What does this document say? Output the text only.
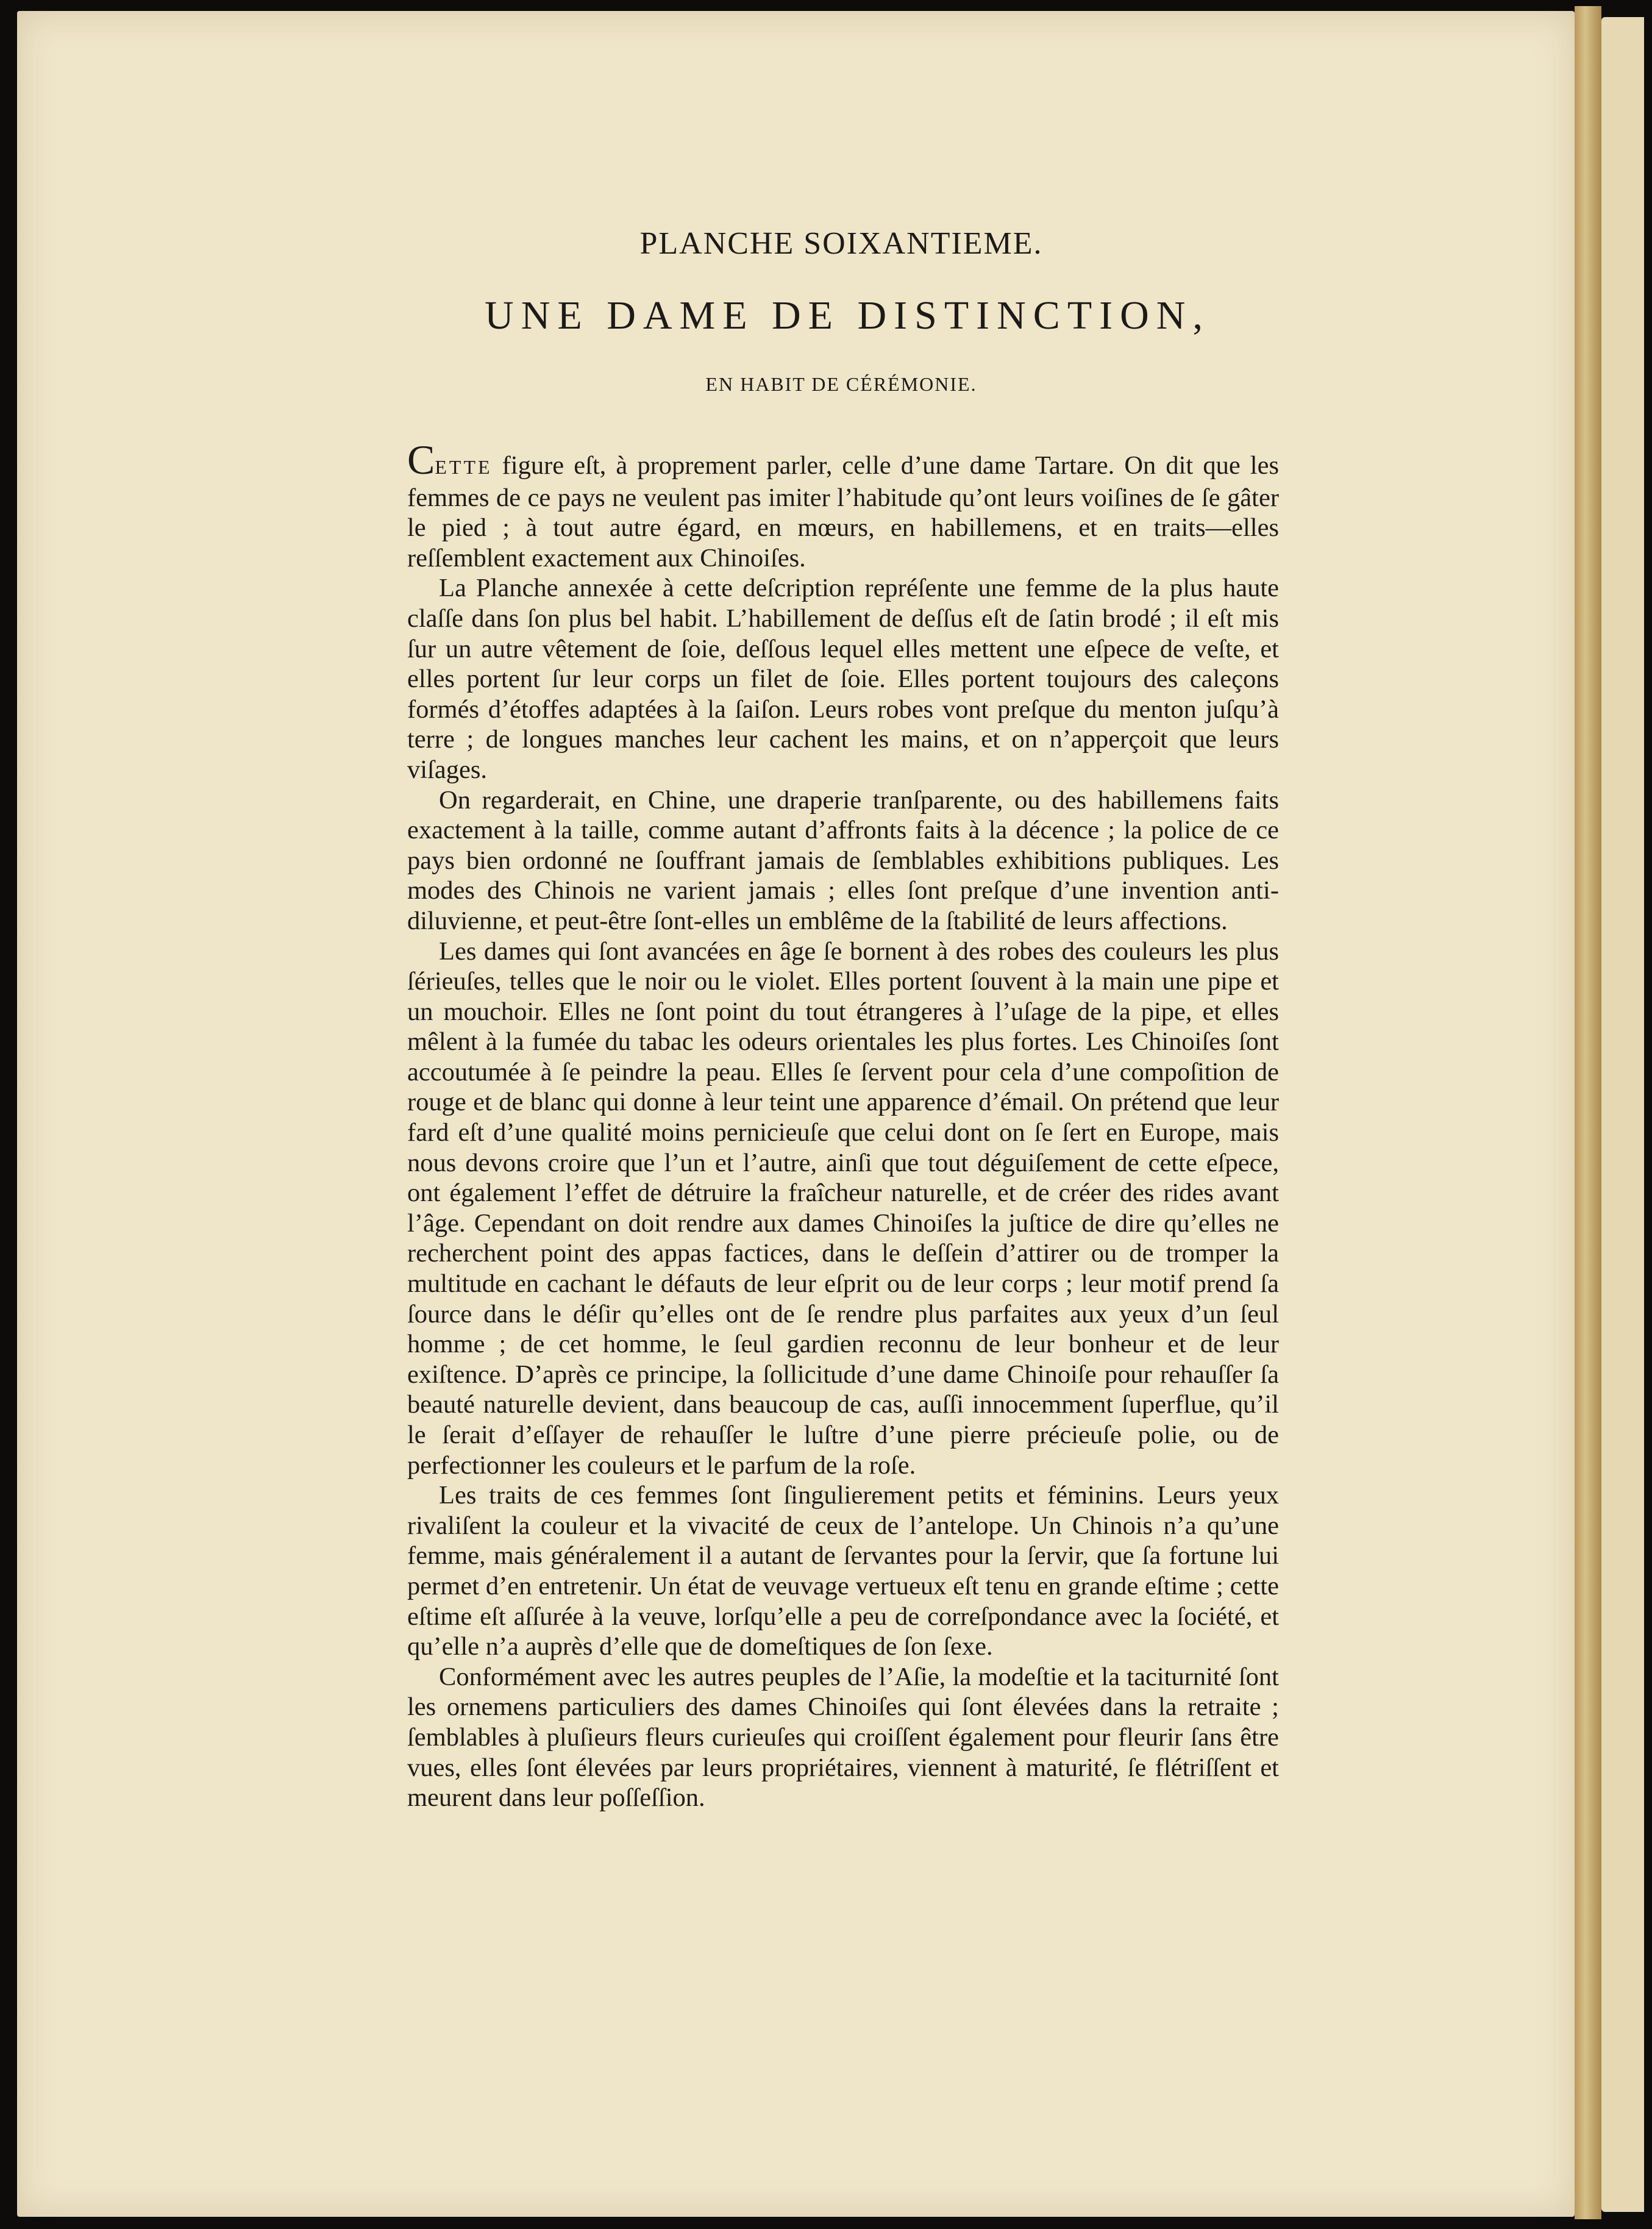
PLANCHE SOIXANTIEME.
UNE DAME DE DISTINCTION,
EN HABIT DE CÉRÉMONIE.

CETTE figure eſt, à proprement parler, celle d’une dame Tartare. On dit que les femmes de ce pays ne veulent pas imiter l’habitude qu’ont leurs voiſines de ſe gâter le pied ; à tout autre égard, en mœurs, en habillemens, et en traits—elles reſſemblent exactement aux Chinoiſes.

La Planche annexée à cette deſcription repréſente une femme de la plus haute claſſe dans ſon plus bel habit. L’habillement de deſſus eſt de ſatin brodé ; il eſt mis ſur un autre vêtement de ſoie, deſſous lequel elles mettent une eſpece de veſte, et elles portent ſur leur corps un filet de ſoie. Elles portent toujours des caleçons formés d’étoffes adaptées à la ſaiſon. Leurs robes vont preſque du menton juſqu’à terre ; de longues manches leur cachent les mains, et on n’apperçoit que leurs viſages.

On regarderait, en Chine, une draperie tranſparente, ou des habillemens faits exactement à la taille, comme autant d’affronts faits à la décence ; la police de ce pays bien ordonné ne ſouffrant jamais de ſemblables exhibitions publiques. Les modes des Chinois ne varient jamais ; elles ſont preſque d’une invention anti-diluvienne, et peut-être ſont-elles un emblême de la ſtabilité de leurs affections.

Les dames qui ſont avancées en âge ſe bornent à des robes des couleurs les plus ſérieuſes, telles que le noir ou le violet. Elles portent ſouvent à la main une pipe et un mouchoir. Elles ne ſont point du tout étrangeres à l’uſage de la pipe, et elles mêlent à la fumée du tabac les odeurs orientales les plus fortes. Les Chinoiſes ſont accoutumée à ſe peindre la peau. Elles ſe ſervent pour cela d’une compoſition de rouge et de blanc qui donne à leur teint une apparence d’émail. On prétend que leur fard eſt d’une qualité moins pernicieuſe que celui dont on ſe ſert en Europe, mais nous devons croire que l’un et l’autre, ainſi que tout déguiſement de cette eſpece, ont également l’effet de détruire la fraîcheur naturelle, et de créer des rides avant l’âge. Cependant on doit rendre aux dames Chinoiſes la juſtice de dire qu’elles ne recherchent point des appas factices, dans le deſſein d’attirer ou de tromper la multitude en cachant le défauts de leur eſprit ou de leur corps ; leur motif prend ſa ſource dans le déſir qu’elles ont de ſe rendre plus parfaites aux yeux d’un ſeul homme ; de cet homme, le ſeul gardien reconnu de leur bonheur et de leur exiſtence. D’après ce principe, la ſollicitude d’une dame Chinoiſe pour rehauſſer ſa beauté naturelle devient, dans beaucoup de cas, auſſi innocemment ſuperflue, qu’il le ſerait d’eſſayer de rehauſſer le luſtre d’une pierre précieuſe polie, ou de perfectionner les couleurs et le parfum de la roſe.

Les traits de ces femmes ſont ſingulierement petits et féminins. Leurs yeux rivaliſent la couleur et la vivacité de ceux de l’antelope. Un Chinois n’a qu’une femme, mais généralement il a autant de ſervantes pour la ſervir, que ſa fortune lui permet d’en entretenir. Un état de veuvage vertueux eſt tenu en grande eſtime ; cette eſtime eſt aſſurée à la veuve, lorſqu’elle a peu de correſpondance avec la ſociété, et qu’elle n’a auprès d’elle que de domeſtiques de ſon ſexe.

Conformément avec les autres peuples de l’Aſie, la modeſtie et la taciturnité ſont les ornemens particuliers des dames Chinoiſes qui ſont élevées dans la retraite ; ſemblables à pluſieurs fleurs curieuſes qui croiſſent également pour fleurir ſans être vues, elles ſont élevées par leurs propriétaires, viennent à maturité, ſe flétriſſent et meurent dans leur poſſeſſion.
